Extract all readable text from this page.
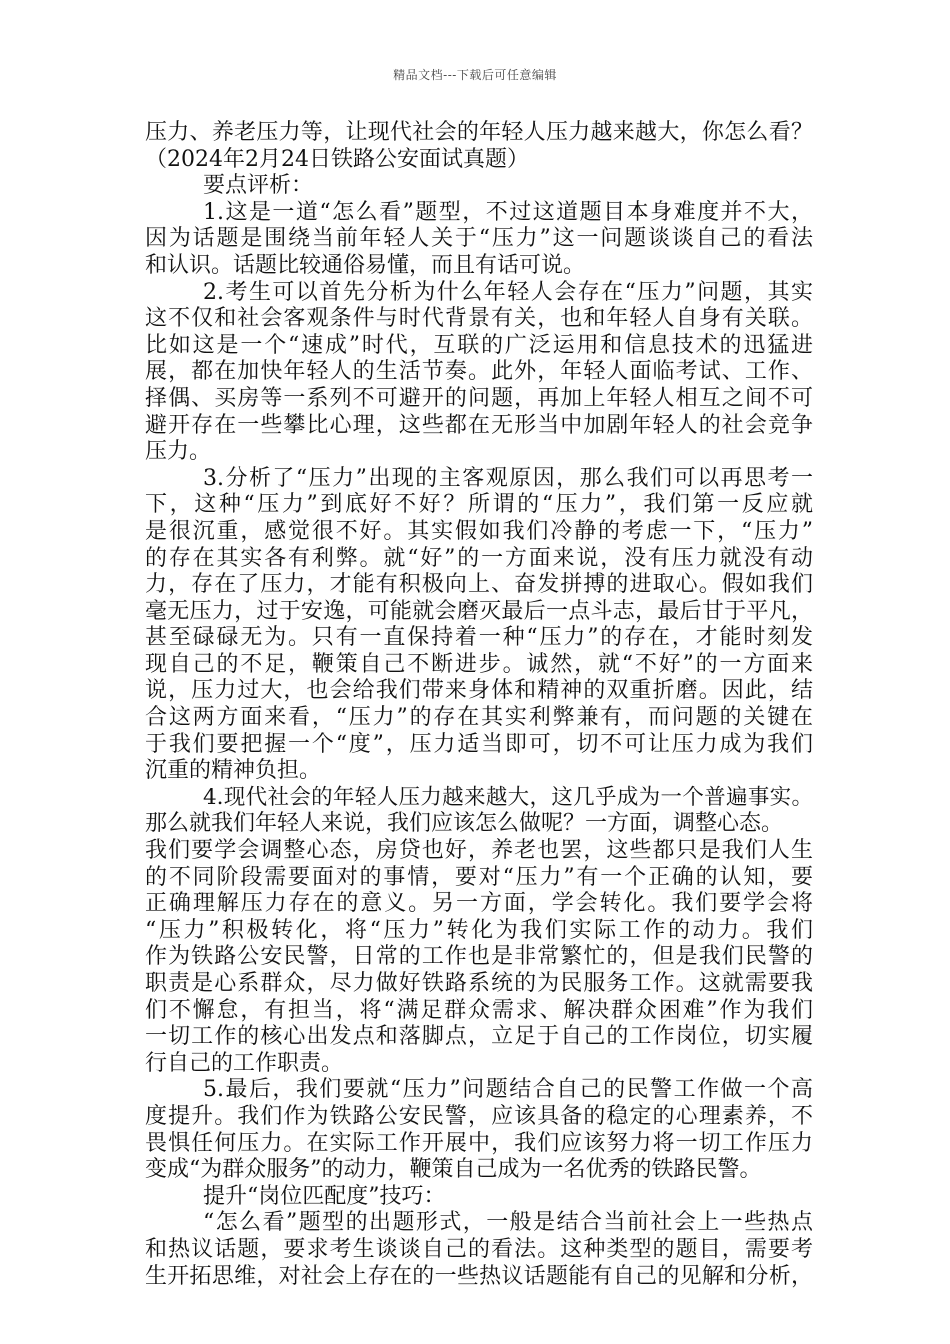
精品文档---下载后可任意编辑
压力、养老压力等，让现代社会的年轻人压力越来越大，你怎么看？
（2024年2月24日铁路公安面试真题）
要点评析：
1.这是一道“怎么看”题型，不过这道题目本身难度并不大，
因为话题是围绕当前年轻人关于“压力”这一问题谈谈自己的看法
和认识。话题比较通俗易懂，而且有话可说。
2.考生可以首先分析为什么年轻人会存在“压力”问题，其实
这不仅和社会客观条件与时代背景有关，也和年轻人自身有关联。
比如这是一个“速成”时代，互联的广泛运用和信息技术的迅猛进
展，都在加快年轻人的生活节奏。此外，年轻人面临考试、工作、
择偶、买房等一系列不可避开的问题，再加上年轻人相互之间不可
避开存在一些攀比心理，这些都在无形当中加剧年轻人的社会竞争
压力。
3.分析了“压力”出现的主客观原因，那么我们可以再思考一
下，这种“压力”到底好不好？所谓的“压力”，我们第一反应就
是很沉重，感觉很不好。其实假如我们冷静的考虑一下，“压力”
的存在其实各有利弊。就“好”的一方面来说，没有压力就没有动
力，存在了压力，才能有积极向上、奋发拼搏的进取心。假如我们
毫无压力，过于安逸，可能就会磨灭最后一点斗志，最后甘于平凡，
甚至碌碌无为。只有一直保持着一种“压力”的存在，才能时刻发
现自己的不足，鞭策自己不断进步。诚然，就“不好”的一方面来
说，压力过大，也会给我们带来身体和精神的双重折磨。因此，结
合这两方面来看，“压力”的存在其实利弊兼有，而问题的关键在
于我们要把握一个“度”，压力适当即可，切不可让压力成为我们
沉重的精神负担。
4.现代社会的年轻人压力越来越大，这几乎成为一个普遍事实。
那么就我们年轻人来说，我们应该怎么做呢？一方面，调整心态。
我们要学会调整心态，房贷也好，养老也罢，这些都只是我们人生
的不同阶段需要面对的事情，要对“压力”有一个正确的认知，要
正确理解压力存在的意义。另一方面，学会转化。我们要学会将
“压力”积极转化，将“压力”转化为我们实际工作的动力。我们
作为铁路公安民警，日常的工作也是非常繁忙的，但是我们民警的
职责是心系群众，尽力做好铁路系统的为民服务工作。这就需要我
们不懈怠，有担当，将“满足群众需求、解决群众困难”作为我们
一切工作的核心出发点和落脚点，立足于自己的工作岗位，切实履
行自己的工作职责。
5.最后，我们要就“压力”问题结合自己的民警工作做一个高
度提升。我们作为铁路公安民警，应该具备的稳定的心理素养，不
畏惧任何压力。在实际工作开展中，我们应该努力将一切工作压力
变成“为群众服务”的动力，鞭策自己成为一名优秀的铁路民警。
提升“岗位匹配度”技巧：
“怎么看”题型的出题形式，一般是结合当前社会上一些热点
和热议话题，要求考生谈谈自己的看法。这种类型的题目，需要考
生开拓思维，对社会上存在的一些热议话题能有自己的见解和分析，
